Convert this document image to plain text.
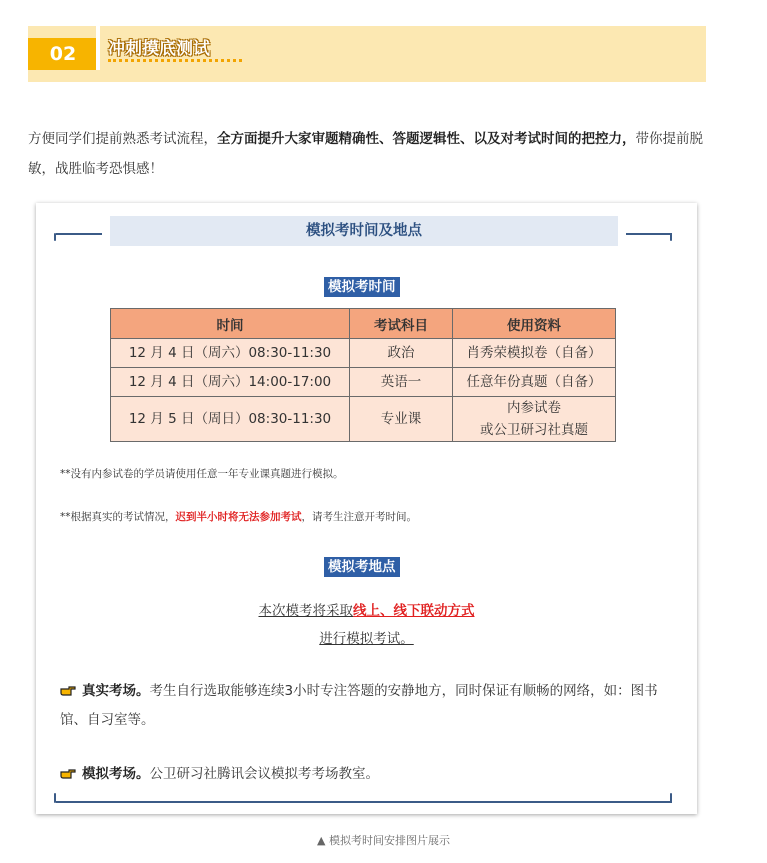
02	冲刺摸底测试
方便同学们提前熟悉考试流程，全方面提升大家审题精确性、答题逻辑性、以及对考试时间的把控力，带你提前脱敏，战胜临考恐惧感！
模拟考时间及地点
模拟考时间
时间	考试科目	使用资料
12 月 4 日（周六）08:30-11:30	政治	肖秀荣模拟卷（自备）
12 月 4 日（周六）14:00-17:00	英语一	任意年份真题（自备）
12 月 5 日（周日）08:30-11:30	专业课	内参试卷
或公卫研习社真题
**没有内参试卷的学员请使用任意一年专业课真题进行模拟。
**根据真实的考试情况，迟到半小时将无法参加考试，请考生注意开考时间。
模拟考地点
本次模考将采取线上、线下联动方式
进行模拟考试。
真实考场。考生自行选取能够连续3小时专注答题的安静地方，同时保证有顺畅的网络，如：图书馆、自习室等。
模拟考场。公卫研习社腾讯会议模拟考考场教室。
▲ 模拟考时间安排图片展示
